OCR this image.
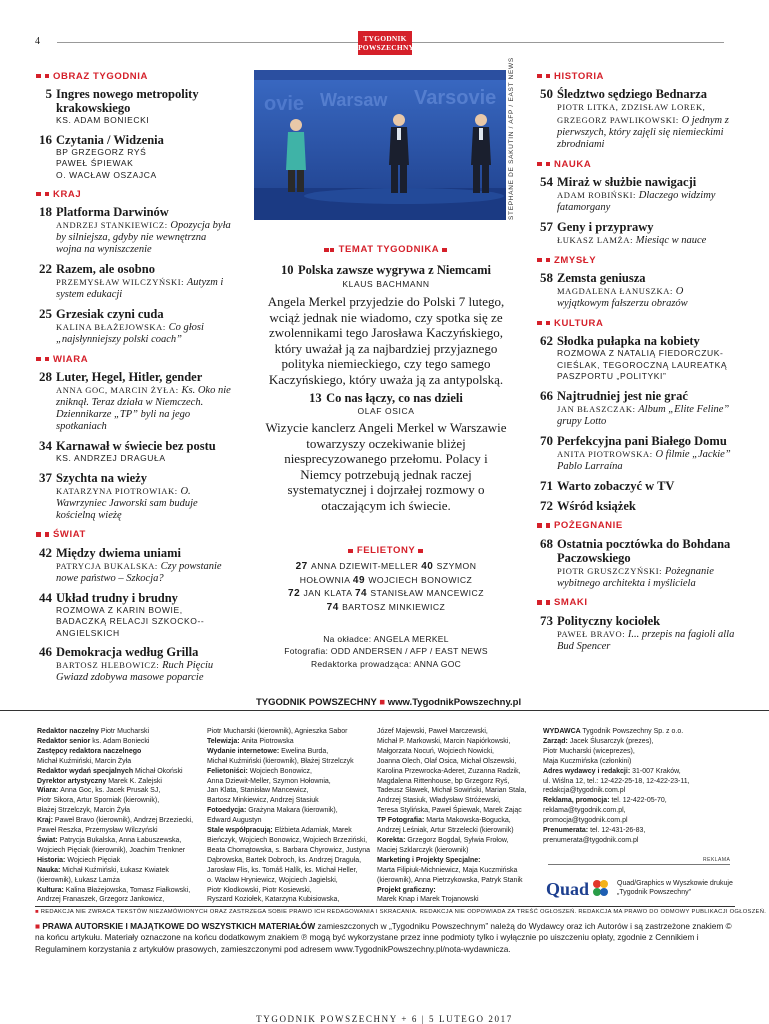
4	TYGODNIK
POWSZECHNY
OBRAZ TYGODNIA
5 Ingres nowego metropolity krakowskiego
KS. ADAM BONIECKI
16 Czytania / Widzenia
BP GRZEGORZ RYŚ
PAWEŁ ŚPIEWAK
O. WACŁAW OSZAJCA
KRAJ
18 Platforma Darwinów
ANDRZEJ STANKIEWICZ: Opozycja była by silniejsza, gdyby nie wewnętrzna wojna na wyniszczenie
22 Razem, ale osobno
PRZEMYSŁAW WILCZYŃSKI: Autyzm i system edukacji
25 Grzesiak czyni cuda
KALINA BŁAŻEJOWSKA: Co głosi „najsłynniejszy polski coach”
WIARA
28 Luter, Hegel, Hitler, gender
ANNA GOC, MARCIN ŻYŁA: Ks. Oko nie zniknął. Teraz działa w Niemczech. Dziennikarze „TP” byli na jego spotkaniach
34 Karnawał w świecie bez postu
KS. ANDRZEJ DRAGUŁA
37 Szychta na wieży
KATARZYNA PIOTROWIAK: O. Wawrzyniec Jaworski sam buduje kościelną wieżę
ŚWIAT
42 Między dwiema uniami
PATRYCJA BUKALSKA: Czy powstanie nowe państwo – Szkocja?
44 Układ trudny i brudny
ROZMOWA Z KARIN BOWIE, BADACZKĄ RELACJI SZKOCKO--ANGIELSKICH
46 Demokracja według Grilla
BARTOSZ HLEBOWICZ: Ruch Pięciu Gwiazd zdobywa masowe poparcie
HISTORIA
50 Śledztwo sędziego Bednarza
PIOTR LITKA, ZDZISŁAW LOREK, GRZEGORZ PAWLIKOWSKI: O jednym z pierwszych, który zajęli się niemieckimi zbrodniami
NAUKA
54 Miraż w służbie nawigacji
ADAM ROBIŃSKI: Dlaczego widzimy fatamorgany
57 Geny i przyprawy
ŁUKASZ LAMŻA: Miesiąc w nauce
ZMYSŁY
58 Zemsta geniusza
MAGDALENA ŁANUSZKA: O wyjątkowym fałszerzu obrazów
KULTURA
62 Słodka pułapka na kobiety
ROZMOWA Z NATALIĄ FIEDORCZUK-CIEŚLAK, TEGOROCZNĄ LAUREATKĄ PASZPORTU „POLITYKI”
66 Najtrudniej jest nie grać
JAN BŁASZCZAK: Album „Elite Feline” grupy Lotto
70 Perfekcyjna pani Białego Domu
ANITA PIOTROWSKA: O filmie „Jackie” Pablo Larraína
71 Warto zobaczyć w TV
72 Wśród książek
POŻEGNANIE
68 Ostatnia pocztówka do Bohdana Paczowskiego
PIOTR GRUSZCZYŃSKI: Pożegnanie wybitnego architekta i myśliciela
SMAKI
73 Polityczny kociołek
PAWEŁ BRAVO: I... przepis na fagioli alla Bud Spencer
ovie Warsaw Varsovie STEPHANE DE SAKUTIN / AFP / EAST NEWS
TEMAT TYGODNIKA
10 Polska zawsze wygrywa z Niemcami
KLAUS BACHMANN
Angela Merkel przyjedzie do Polski 7 lutego, wciąż jednak nie wiadomo, czy spotka się ze zwolennikami tego Jarosława Kaczyńskiego, który uważał ją za najbardziej przyjaznego polityka niemieckiego, czy tego samego Kaczyńskiego, który uważa ją za antypolską.
13 Co nas łączy, co nas dzieli
OLAF OSICA
Wizycie kanclerz Angeli Merkel w Warszawie towarzyszy oczekiwanie bliżej niesprecyzowanego przełomu. Polacy i Niemcy potrzebują jednak raczej systematycznej i dojrzałej rozmowy o otaczającym ich świecie.
FELIETONY
27 ANNA DZIEWIT-MELLER 40 SZYMON
HOŁOWNIA 49 WOJCIECH BONOWICZ
72 JAN KLATA 74 STANISŁAW MANCEWICZ
74 BARTOSZ MINKIEWICZ
Na okładce: ANGELA MERKEL
Fotografia: ODD ANDERSEN / AFP / EAST NEWS
Redaktorka prowadząca: ANNA GOC
TYGODNIK POWSZECHNY ■ www.TygodnikPowszechny.pl
Redaktor naczelny Piotr Mucharski
Redaktor senior ks. Adam Boniecki
Zastępcy redaktora naczelnego
Michał Kuźmiński, Marcin Żyła
Redaktor wydań specjalnych Michał Okoński
Dyrektor artystyczny Marek K. Zalejski
Wiara: Anna Goc, ks. Jacek Prusak SJ,
Piotr Sikora, Artur Sporniak (kierownik),
Błażej Strzelczyk, Marcin Żyła
Kraj: Paweł Bravo (kierownik), Andrzej Brzeziecki,
Paweł Reszka, Przemysław Wilczyński
Świat: Patrycja Bukalska, Anna Łabuszewska,
Wojciech Pięciak (kierownik), Joachim Trenkner
Historia: Wojciech Pięciak
Nauka: Michał Kuźmiński, Łukasz Kwiatek
(kierownik), Łukasz Lamża
Kultura: Kalina Błażejowska, Tomasz Fiałkowski,
Andrzej Franaszek, Grzegorz Jankowicz,
Piotr Mucharski (kierownik), Agnieszka Sabor
Telewizja: Anita Piotrowska
Wydanie internetowe: Ewelina Burda,
Michał Kuźmiński (kierownik), Błażej Strzelczyk
Felietoniści: Wojciech Bonowicz,
Anna Dziewit-Meller, Szymon Hołownia,
Jan Klata, Stanisław Mancewicz,
Bartosz Minkiewicz, Andrzej Stasiuk
Fotoedycja: Grażyna Makara (kierownik),
Edward Augustyn
Stale współpracują: Elżbieta Adamiak, Marek
Bieńczyk, Wojciech Bonowicz, Wojciech Brzeziński,
Beata Chomątowska, s. Barbara Chyrowicz, Justyna
Dąbrowska, Bartek Dobroch, ks. Andrzej Draguła,
Jarosław Flis, ks. Tomáš Halík, ks. Michał Heller,
o. Wacław Hryniewicz, Wojciech Jagielski,
Piotr Kłodkowski, Piotr Kosiewski,
Ryszard Koziołek, Katarzyna Kubisiowska,
Józef Majewski, Paweł Marczewski,
Michał P. Markowski, Marcin Napiórkowski,
Małgorzata Nocuń, Wojciech Nowicki,
Joanna Olech, Olaf Osica, Michał Olszewski,
Karolina Przewrocka-Aderet, Zuzanna Radzik,
Magdalena Rittenhouse, bp Grzegorz Ryś,
Tadeusz Sławek, Michał Sowiński, Marian Stala,
Andrzej Stasiuk, Władysław Stróżewski,
Teresa Stylińska, Paweł Śpiewak, Marek Zając
TP Fotografia: Marta Makowska-Bogucka,
Andrzej Leśniak, Artur Strzelecki (kierownik)
Korekta: Grzegorz Bogdał, Sylwia Frołow,
Maciej Szklarczyk (kierownik)
Marketing i Projekty Specjalne:
Marta Filipiuk-Michniewicz, Maja Kuczmińska
(kierownik), Anna Pietrzykowska, Patryk Stanik
Projekt graficzny:
Marek Knap i Marek Trojanowski
WYDAWCA Tygodnik Powszechny Sp. z o.o.
Zarząd: Jacek Ślusarczyk (prezes),
Piotr Mucharski (wiceprezes),
Maja Kuczmińska (członkini)
Adres wydawcy i redakcji: 31-007 Kraków,
ul. Wiślna 12, tel.: 12-422-25-18, 12-422-23-11,
redakcja@tygodnik.com.pl
Reklama, promocja: tel. 12-422-05-70,
reklama@tygodnik.com.pl,
promocja@tygodnik.com.pl
Prenumerata: tel. 12-431-26-83,
prenumerata@tygodnik.com.pl
REKLAMA
Quad	Quad/Graphics w Wyszkowie drukuje
„Tygodnik Powszechny”
■ REDAKCJA NIE ZWRACA TEKSTÓW NIEZAMÓWIONYCH ORAZ ZASTRZEGA SOBIE PRAWO ICH REDAGOWANIA I SKRACANIA. REDAKCJA NIE ODPOWIADA ZA TREŚĆ OGŁOSZEŃ. REDAKCJA MA PRAWO DO ODMOWY PUBLIKACJI OGŁOSZEŃ.
■ PRAWA AUTORSKIE I MAJĄTKOWE DO WSZYSTKICH MATERIAŁÓW zamieszczonych w „Tygodniku Powszechnym” należą do Wydawcy oraz ich Autorów i są zastrzeżone znakiem © na końcu artykułu. Materiały oznaczone na końcu dodatkowym znakiem ℗ mogą być wykorzystane przez inne podmioty tylko i wyłącznie po uiszczeniu opłaty, zgodnie z Cennikiem i Regulaminem korzystania z artykułów prasowych, zamieszczonymi pod adresem www.TygodnikPowszechny.pl/nota-wydawnicza.
TYGODNIK POWSZECHNY + 6 | 5 LUTEGO 2017
